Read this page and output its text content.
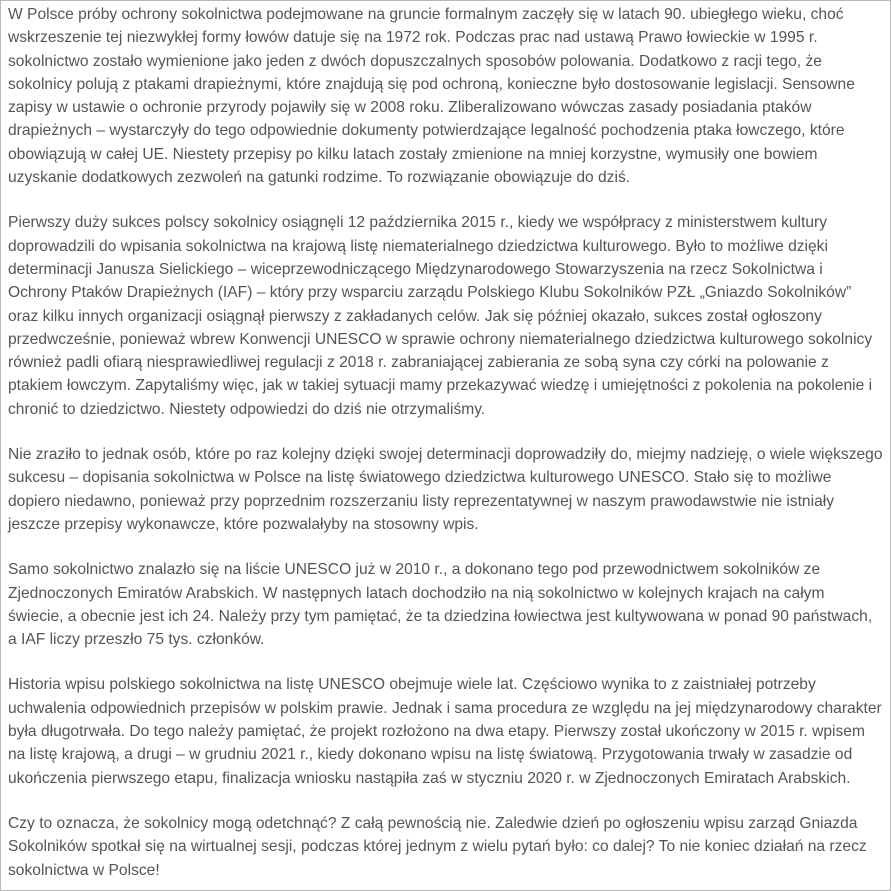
W Polsce próby ochrony sokolnictwa podejmowane na gruncie formalnym zaczęły się w latach 90. ubiegłego wieku, choć wskrzeszenie tej niezwykłej formy łowów datuje się na 1972 rok. Podczas prac nad ustawą Prawo łowieckie w 1995 r. sokolnictwo zostało wymienione jako jeden z dwóch dopuszczalnych sposobów polowania. Dodatkowo z racji tego, że sokolnicy polują z ptakami drapieżnymi, które znajdują się pod ochroną, konieczne było dostosowanie legislacji. Sensowne zapisy w ustawie o ochronie przyrody pojawiły się w 2008 roku. Zliberalizowano wówczas zasady posiadania ptaków drapieżnych – wystarczyły do tego odpowiednie dokumenty potwierdzające legalność pochodzenia ptaka łowczego, które obowiązują w całej UE. Niestety przepisy po kilku latach zostały zmienione na mniej korzystne, wymusiły one bowiem uzyskanie dodatkowych zezwoleń na gatunki rodzime. To rozwiązanie obowiązuje do dziś.

Pierwszy duży sukces polscy sokolnicy osiągnęli 12 października 2015 r., kiedy we współpracy z ministerstwem kultury doprowadzili do wpisania sokolnictwa na krajową listę niematerialnego dziedzictwa kulturowego. Było to możliwe dzięki determinacji Janusza Sielickiego – wiceprzewodniczącego Międzynarodowego Stowarzyszenia na rzecz Sokolnictwa i Ochrony Ptaków Drapieżnych (IAF) – który przy wsparciu zarządu Polskiego Klubu Sokolników PZŁ „Gniazdo Sokolników” oraz kilku innych organizacji osiągnął pierwszy z zakładanych celów. Jak się później okazało, sukces został ogłoszony przedwcześnie, ponieważ wbrew Konwencji UNESCO w sprawie ochrony niematerialnego dziedzictwa kulturowego sokolnicy również padli ofiarą niesprawiedliwej regulacji z 2018 r. zabraniającej zabierania ze sobą syna czy córki na polowanie z ptakiem łowczym. Zapytaliśmy więc, jak w takiej sytuacji mamy przekazywać wiedzę i umiejętności z pokolenia na pokolenie i chronić to dziedzictwo. Niestety odpowiedzi do dziś nie otrzymaliśmy.

Nie zraziło to jednak osób, które po raz kolejny dzięki swojej determinacji doprowadziły do, miejmy nadzieję, o wiele większego sukcesu – dopisania sokolnictwa w Polsce na listę światowego dziedzictwa kulturowego UNESCO. Stało się to możliwe dopiero niedawno, ponieważ przy poprzednim rozszerzaniu listy reprezentatywnej w naszym prawodawstwie nie istniały jeszcze przepisy wykonawcze, które pozwalałyby na stosowny wpis.

Samo sokolnictwo znalazło się na liście UNESCO już w 2010 r., a dokonano tego pod przewodnictwem sokolników ze Zjednoczonych Emiratów Arabskich. W następnych latach dochodziło na nią sokolnictwo w kolejnych krajach na całym świecie, a obecnie jest ich 24. Należy przy tym pamiętać, że ta dziedzina łowiectwa jest kultywowana w ponad 90 państwach, a IAF liczy przeszło 75 tys. członków.

Historia wpisu polskiego sokolnictwa na listę UNESCO obejmuje wiele lat. Częściowo wynika to z zaistniałej potrzeby uchwalenia odpowiednich przepisów w polskim prawie. Jednak i sama procedura ze względu na jej międzynarodowy charakter była długotrwała. Do tego należy pamiętać, że projekt rozłożono na dwa etapy. Pierwszy został ukończony w 2015 r. wpisem na listę krajową, a drugi – w grudniu 2021 r., kiedy dokonano wpisu na listę światową. Przygotowania trwały w zasadzie od ukończenia pierwszego etapu, finalizacja wniosku nastąpiła zaś w styczniu 2020 r. w Zjednoczonych Emiratach Arabskich.

Czy to oznacza, że sokolnicy mogą odetchnąć? Z całą pewnością nie. Zaledwie dzień po ogłoszeniu wpisu zarząd Gniazda Sokolników spotkał się na wirtualnej sesji, podczas której jednym z wielu pytań było: co dalej? To nie koniec działań na rzecz sokolnictwa w Polsce!
